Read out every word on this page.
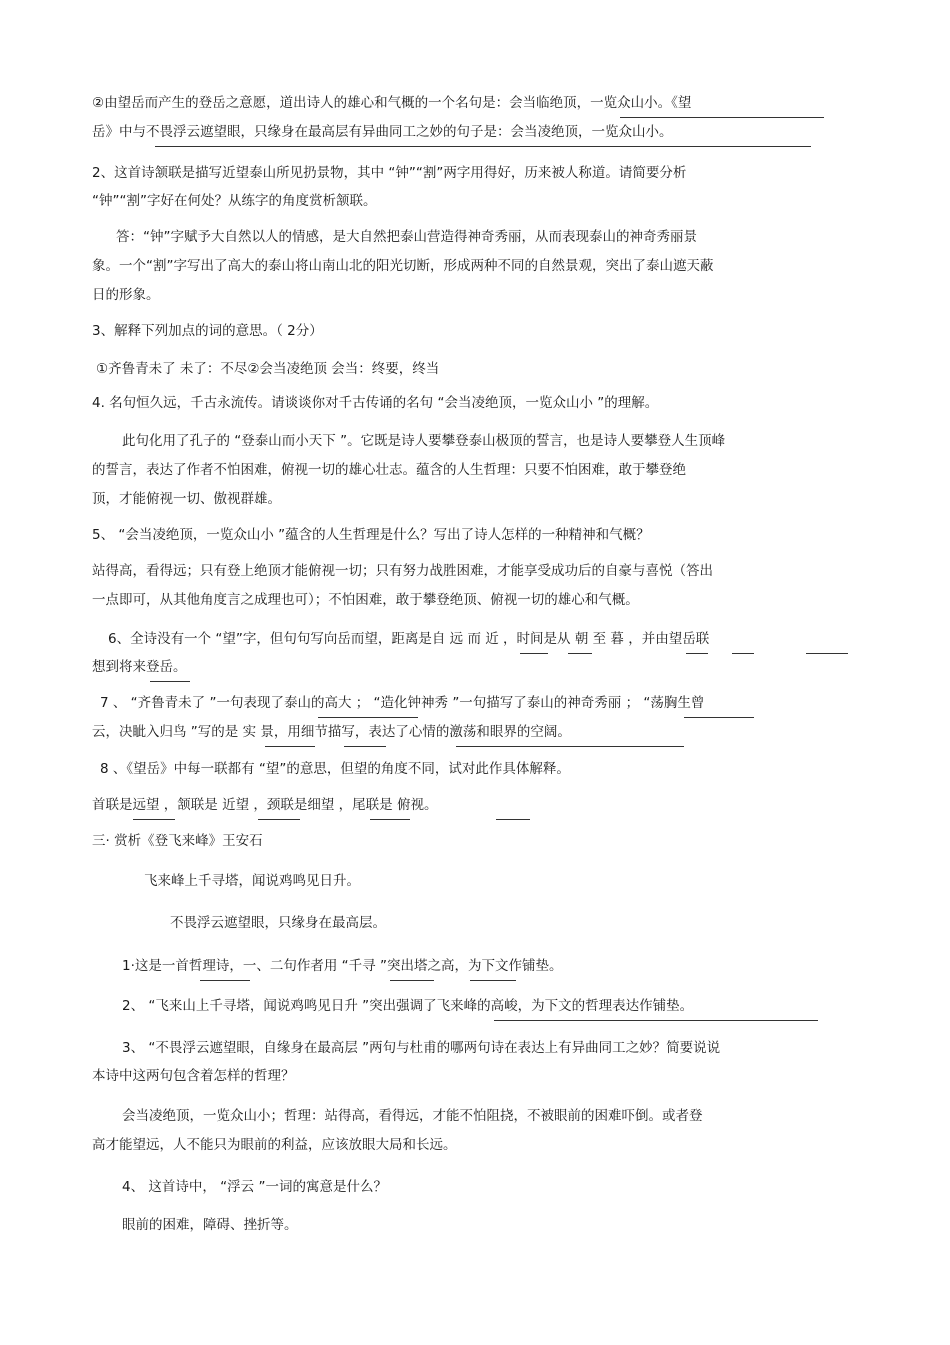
②由望岳而产生的登岳之意愿，道出诗人的雄心和气概的一个名句是：会当临绝顶，一览众山小。《望
岳》中与不畏浮云遮望眼，只缘身在最高层有异曲同工之妙的句子是：会当凌绝顶，一览众山小。
2、这首诗颔联是描写近望泰山所见扔景物，其中 “钟”“割”两字用得好，历来被人称道。请简要分析
“钟”“割”字好在何处？从练字的角度赏析颔联。
答：“钟”字赋予大自然以人的情感，是大自然把泰山营造得神奇秀丽，从而表现泰山的神奇秀丽景
象。一个“割”字写出了高大的泰山将山南山北的阳光切断，形成两种不同的自然景观，突出了泰山遮天蔽
日的形象。
3、解释下列加点的词的意思。（ 2分）
①齐鲁青未了 未了：不尽②会当凌绝顶 会当：终要，终当
4. 名句恒久远，千古永流传。请谈谈你对千古传诵的名句 “会当凌绝顶，一览众山小 ”的理解。
此句化用了孔子的 “登泰山而小天下 ”。它既是诗人要攀登泰山极顶的誓言，也是诗人要攀登人生顶峰
的誓言，表达了作者不怕困难，俯视一切的雄心壮志。蕴含的人生哲理：只要不怕困难，敢于攀登绝
顶，才能俯视一切、傲视群雄。
5、 “会当凌绝顶，一览众山小 ”蕴含的人生哲理是什么？写出了诗人怎样的一种精神和气概？
站得高，看得远；只有登上绝顶才能俯视一切；只有努力战胜困难，才能享受成功后的自豪与喜悦（答出
一点即可，从其他角度言之成理也可）；不怕困难，敢于攀登绝顶、俯视一切的雄心和气概。
6、全诗没有一个 “望”字，但句句写向岳而望，距离是自 远 而 近 ，时间是从 朝 至 暮 ，并由望岳联
想到将来登岳。
7 、 “齐鲁青未了 ”一句表现了泰山的高大 ； “造化钟神秀 ”一句描写了泰山的神奇秀丽 ； “荡胸生曾
云，决眦入归鸟 ”写的是 实 景，用细节描写，表达了心情的激荡和眼界的空阔。
8 、《望岳》中每一联都有 “望”的意思，但望的角度不同，试对此作具体解释。
首联是远望 ，颔联是 近望 ，颈联是细望 ，尾联是 俯视。
三· 赏析《登飞来峰》王安石
飞来峰上千寻塔，闻说鸡鸣见日升。
不畏浮云遮望眼，只缘身在最高层。
1·这是一首哲理诗，一、二句作者用 “千寻 ”突出塔之高，为下文作铺垫。
2、 “飞来山上千寻塔，闻说鸡鸣见日升 ”突出强调了飞来峰的高峻，为下文的哲理表达作铺垫。
3、 “不畏浮云遮望眼，自缘身在最高层 ”两句与杜甫的哪两句诗在表达上有异曲同工之妙？简要说说
本诗中这两句包含着怎样的哲理？
会当凌绝顶，一览众山小；哲理：站得高，看得远，才能不怕阻挠，不被眼前的困难吓倒。或者登
高才能望远，人不能只为眼前的利益，应该放眼大局和长远。
4、 这首诗中， “浮云 ”一词的寓意是什么？
眼前的困难，障碍、挫折等。
